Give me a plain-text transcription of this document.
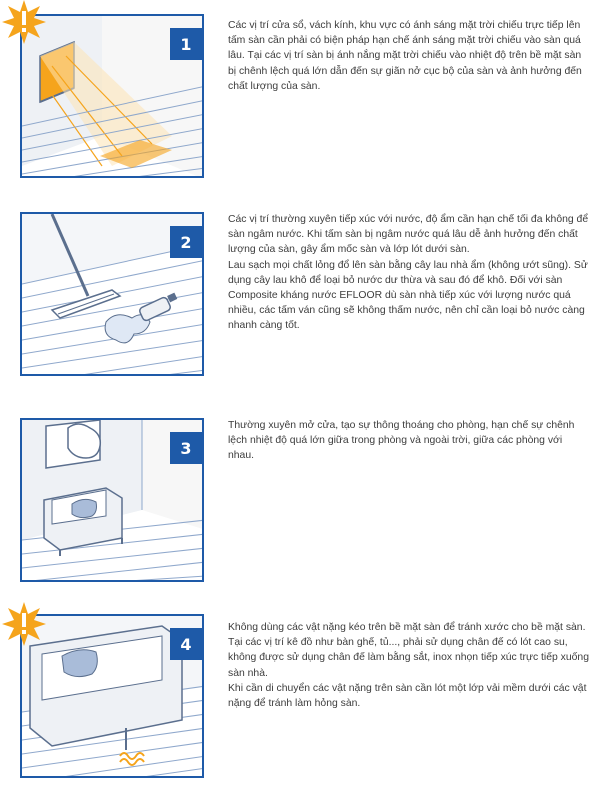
1

Các vị trí cửa sổ, vách kính, khu vực có ánh sáng mặt trời chiếu trực tiếp lên tấm sàn cần phải có biện pháp hạn chế ánh sáng mặt trời chiếu vào sàn quá lâu. Tại các vị trí sàn bị ánh nắng mặt trời chiếu vào nhiệt độ trên bề mặt sàn bị chênh lệch quá lớn dẫn đến sự giãn nở cục bộ của sàn và ảnh hưởng đến chất lượng của sàn.

2

Các vị trí thường xuyên tiếp xúc với nước, độ ẩm cần hạn chế tối đa không để sàn ngâm nước. Khi tấm sàn bị ngâm nước quá lâu dễ ảnh hưởng đến chất lượng của sàn, gây ẩm mốc sàn và lớp lót dưới sàn.

Lau sạch mọi chất lỏng đổ lên sàn bằng cây lau nhà ẩm (không ướt sũng). Sử dụng cây lau khô để loại bỏ nước dư thừa và sau đó để khô. Đối với sàn Composite kháng nước EFLOOR dù sàn nhà tiếp xúc với lượng nước quá nhiều, các tấm ván cũng sẽ không thấm nước, nên chỉ cần loại bỏ nước càng nhanh càng tốt.

3

Thường xuyên mở cửa, tạo sự thông thoáng cho phòng, hạn chế sự chênh lệch nhiệt độ quá lớn giữa trong phòng và ngoài trời, giữa các phòng với nhau.

4

Không dùng các vật nặng kéo trên bề mặt sàn để tránh xước cho bề mặt sàn. Tại các vị trí kê đồ như bàn ghế, tủ..., phải sử dụng chân đế có lót cao su, không được sử dụng chân đế làm bằng sắt, inox nhọn tiếp xúc trực tiếp xuống sàn nhà.

Khi cần di chuyển các vật nặng trên sàn cần lót một lớp vải mềm dưới các vật nặng để tránh làm hỏng sàn.
